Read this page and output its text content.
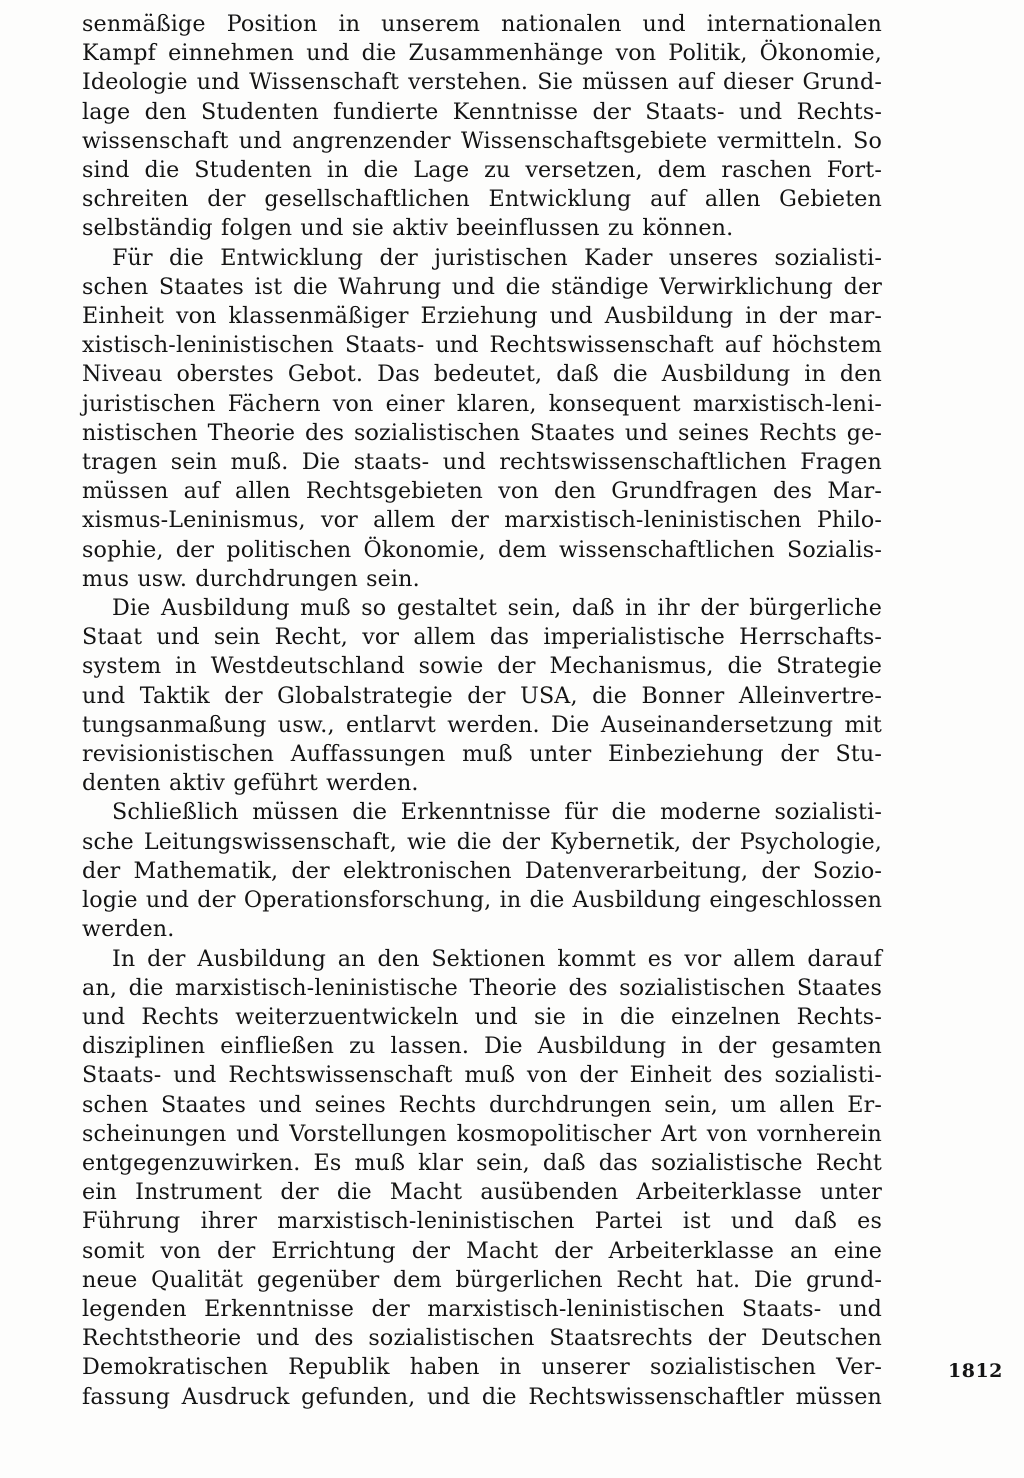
senmäßige Position in unserem nationalen und internationalen
Kampf einnehmen und die Zusammenhänge von Politik, Ökonomie,
Ideologie und Wissenschaft verstehen. Sie müssen auf dieser Grund-
lage den Studenten fundierte Kenntnisse der Staats- und Rechts-
wissenschaft und angrenzender Wissenschaftsgebiete vermitteln. So
sind die Studenten in die Lage zu versetzen, dem raschen Fort-
schreiten der gesellschaftlichen Entwicklung auf allen Gebieten
selbständig folgen und sie aktiv beeinflussen zu können.
Für die Entwicklung der juristischen Kader unseres sozialisti-
schen Staates ist die Wahrung und die ständige Verwirklichung der
Einheit von klassenmäßiger Erziehung und Ausbildung in der mar-
xistisch-leninistischen Staats- und Rechtswissenschaft auf höchstem
Niveau oberstes Gebot. Das bedeutet, daß die Ausbildung in den
juristischen Fächern von einer klaren, konsequent marxistisch-leni-
nistischen Theorie des sozialistischen Staates und seines Rechts ge-
tragen sein muß. Die staats- und rechtswissenschaftlichen Fragen
müssen auf allen Rechtsgebieten von den Grundfragen des Mar-
xismus-Leninismus, vor allem der marxistisch-leninistischen Philo-
sophie, der politischen Ökonomie, dem wissenschaftlichen Sozialis-
mus usw. durchdrungen sein.
Die Ausbildung muß so gestaltet sein, daß in ihr der bürgerliche
Staat und sein Recht, vor allem das imperialistische Herrschafts-
system in Westdeutschland sowie der Mechanismus, die Strategie
und Taktik der Globalstrategie der USA, die Bonner Alleinvertre-
tungsanmaßung usw., entlarvt werden. Die Auseinandersetzung mit
revisionistischen Auffassungen muß unter Einbeziehung der Stu-
denten aktiv geführt werden.
Schließlich müssen die Erkenntnisse für die moderne sozialisti-
sche Leitungswissenschaft, wie die der Kybernetik, der Psychologie,
der Mathematik, der elektronischen Datenverarbeitung, der Sozio-
logie und der Operationsforschung, in die Ausbildung eingeschlossen
werden.
In der Ausbildung an den Sektionen kommt es vor allem darauf
an, die marxistisch-leninistische Theorie des sozialistischen Staates
und Rechts weiterzuentwickeln und sie in die einzelnen Rechts-
disziplinen einfließen zu lassen. Die Ausbildung in der gesamten
Staats- und Rechtswissenschaft muß von der Einheit des sozialisti-
schen Staates und seines Rechts durchdrungen sein, um allen Er-
scheinungen und Vorstellungen kosmopolitischer Art von vornherein
entgegenzuwirken. Es muß klar sein, daß das sozialistische Recht
ein Instrument der die Macht ausübenden Arbeiterklasse unter
Führung ihrer marxistisch-leninistischen Partei ist und daß es
somit von der Errichtung der Macht der Arbeiterklasse an eine
neue Qualität gegenüber dem bürgerlichen Recht hat. Die grund-
legenden Erkenntnisse der marxistisch-leninistischen Staats- und
Rechtstheorie und des sozialistischen Staatsrechts der Deutschen
Demokratischen Republik haben in unserer sozialistischen Ver-
fassung Ausdruck gefunden, und die Rechtswissenschaftler müssen
1812
